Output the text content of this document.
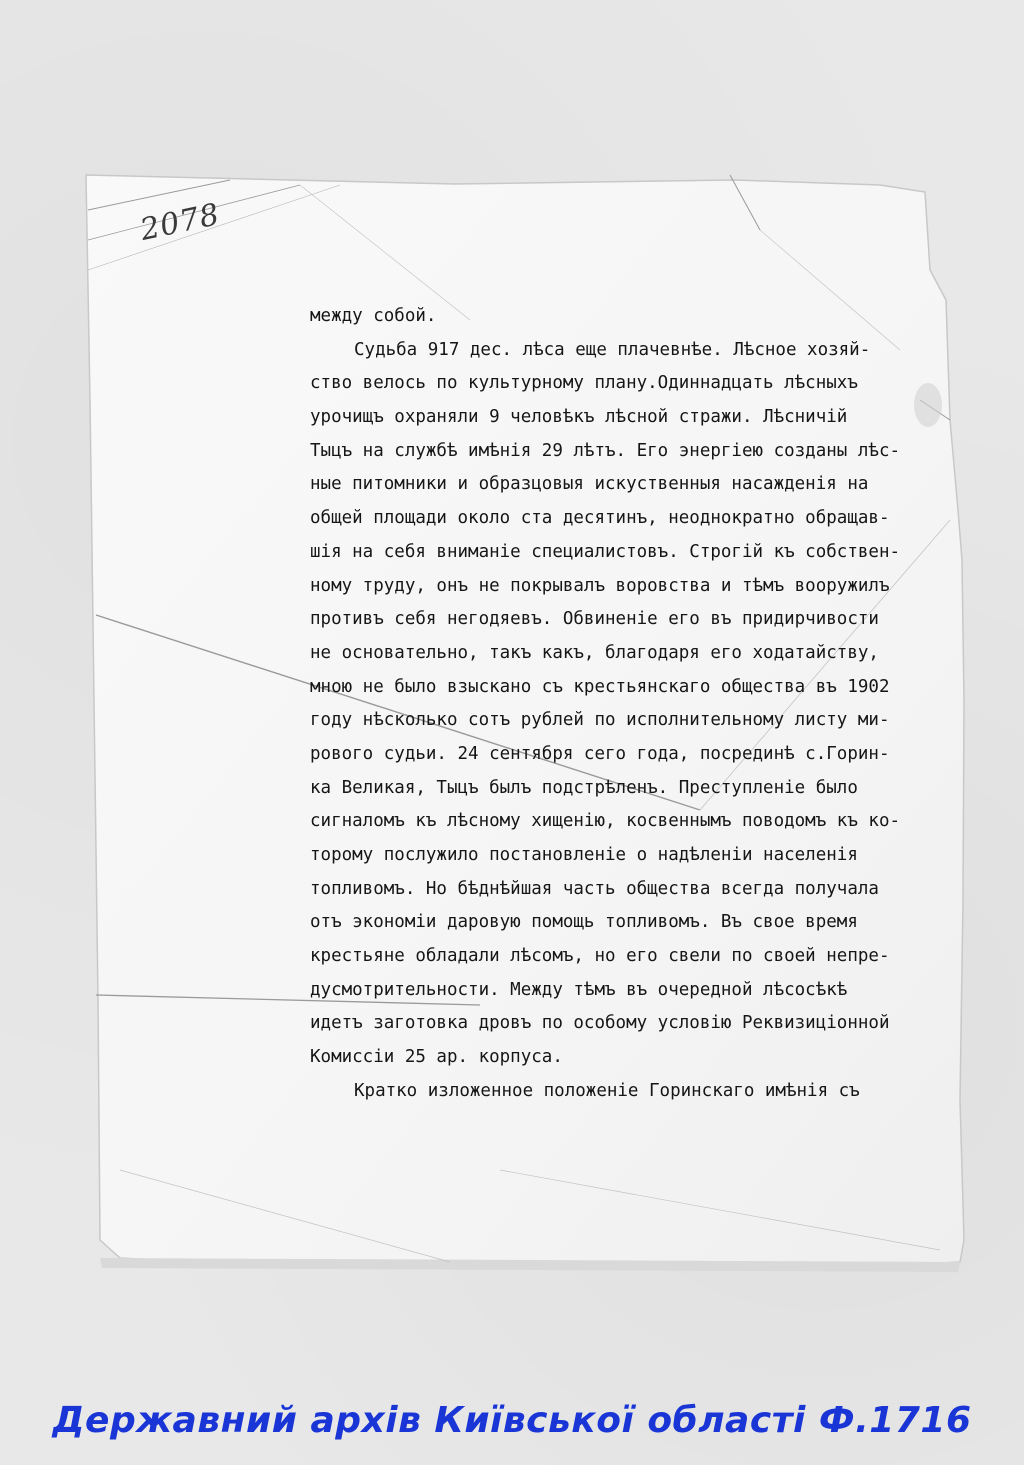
2078
между собой.
Судьба 917 дес. лѣса еще плачевнѣе. Лѣсное хозяй-
ство велось по культурному плану.Одиннадцать лѣсныхъ
урочищъ охраняли 9 человѣкъ лѣсной стражи. Лѣсничiй
Тыцъ на службѣ имѣнiя 29 лѣтъ. Его энергiею созданы лѣс-
ные питомники и образцовыя искуственныя насажденiя на
общей площади около ста десятинъ, неоднократно обращав-
шiя на себя вниманiе специалистовъ. Строгiй къ собствен-
ному труду, онъ не покрывалъ воровства и тѣмъ вооружилъ
противъ себя негодяевъ. Обвиненiе его въ придирчивости
не основательно, такъ какъ, благодаря его ходатайству,
мною не было взыскано съ крестьянскаго общества въ 1902
году нѣсколько сотъ рублей по исполнительному листу ми-
рового судьи. 24 сентября сего года, посрединѣ с.Горин-
ка Великая, Тыцъ былъ подстрѣленъ. Преступленiе было
сигналомъ къ лѣсному хищенiю, косвеннымъ поводомъ къ ко-
торому послужило постановленiе о надѣленiи населенiя
топливомъ. Но бѣднѣйшая часть общества всегда получала
отъ экономiи даровую помощь топливомъ. Въ свое время
крестьяне обладали лѣсомъ, но его свели по своей непре-
дусмотрительности. Между тѣмъ въ очередной лѣсосѣкѣ
идетъ заготовка дровъ по особому условiю Реквизицiонной
Комиссiи 25 ар. корпуса.
Кратко изложенное положенiе Горинскаго имѣнiя съ
Державний архів Київської області Ф.1716
